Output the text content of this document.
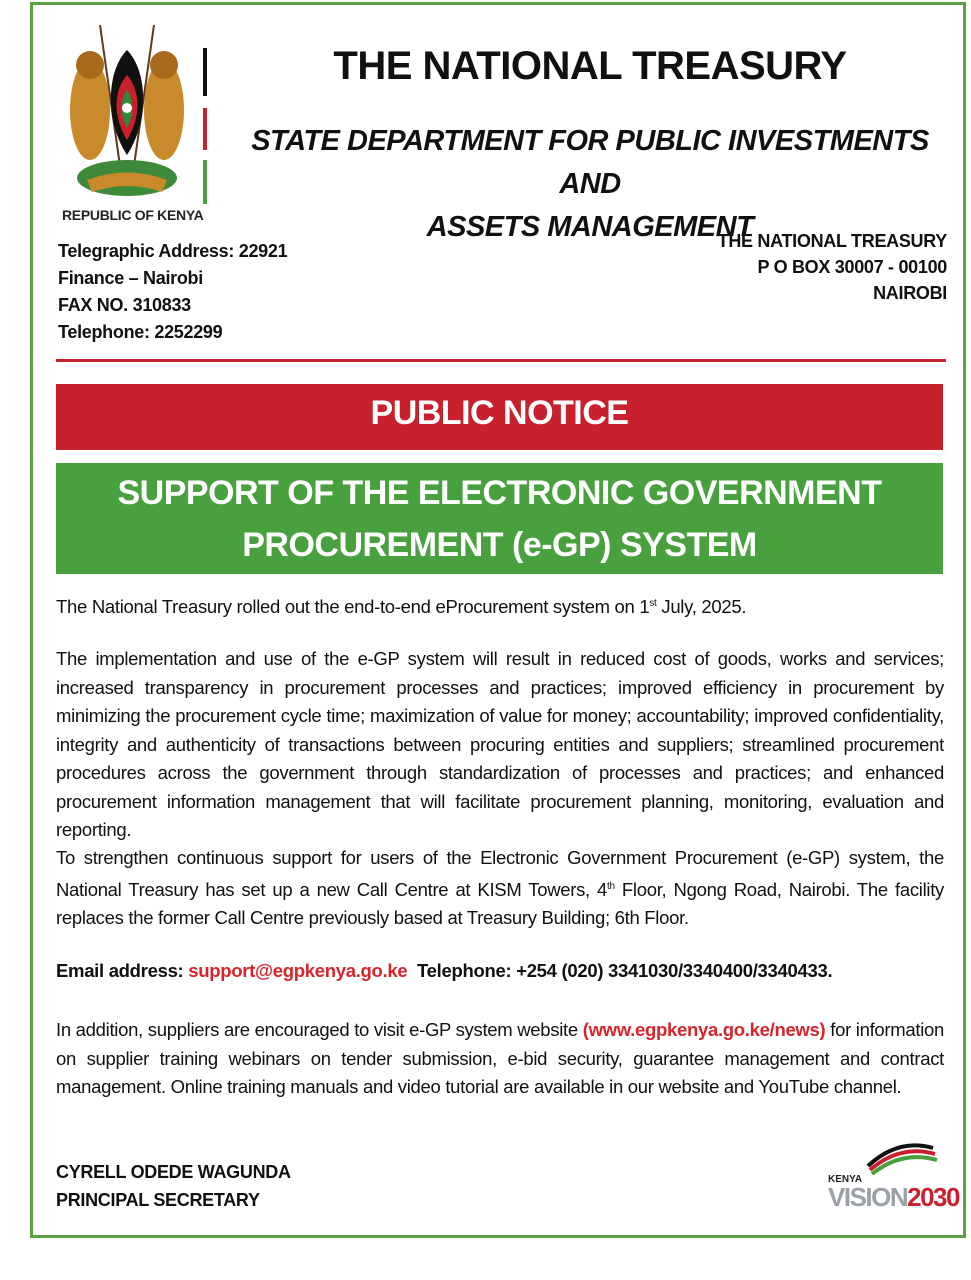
REPUBLIC OF KENYA
THE NATIONAL TREASURY
STATE DEPARTMENT FOR PUBLIC INVESTMENTS AND
ASSETS MANAGEMENT
Telegraphic Address: 22921
Finance – Nairobi
FAX NO. 310833
Telephone: 2252299
THE NATIONAL TREASURY
P O BOX 30007 - 00100
NAIROBI
PUBLIC NOTICE
SUPPORT OF THE ELECTRONIC GOVERNMENT
PROCUREMENT (e-GP) SYSTEM
The National Treasury rolled out the end-to-end eProcurement system on 1st July, 2025.
The implementation and use of the e-GP system will result in reduced cost of goods, works and services; increased transparency in procurement processes and practices; improved efficiency in procurement by minimizing the procurement cycle time; maximization of value for money; accountability; improved confidentiality, integrity and authenticity of transactions between procuring entities and suppliers; streamlined procurement procedures across the government through standardization of processes and practices; and enhanced procurement information management that will facilitate procurement planning, monitoring, evaluation and reporting.
To strengthen continuous support for users of the Electronic Government Procurement (e-GP) system, the National Treasury has set up a new Call Centre at KISM Towers, 4th Floor, Ngong Road, Nairobi. The facility replaces the former Call Centre previously based at Treasury Building; 6th Floor.
Email address: support@egpkenya.go.ke  Telephone: +254 (020) 3341030/3340400/3340433.
In addition, suppliers are encouraged to visit e-GP system website (www.egpkenya.go.ke/news) for information on supplier training webinars on tender submission, e-bid security, guarantee management and contract management. Online training manuals and video tutorial are available in our website and YouTube channel.
CYRELL ODEDE WAGUNDA
PRINCIPAL SECRETARY
KENYA
VISION2030
